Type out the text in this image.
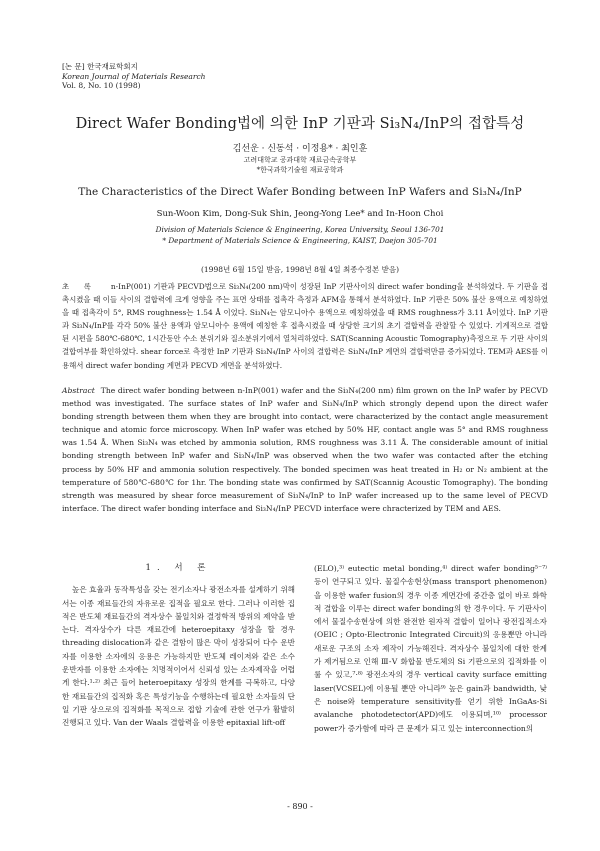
[논 문] 한국재료학회지
Korean Journal of Materials Research
Vol. 8, No. 10 (1998)
Direct Wafer Bonding법에 의한 InP 기판과 Si₃N₄/InP의 접합특성
김선운 · 신동석 · 이정용* · 최인훈
고려대학교 공과대학 재료금속공학부
*한국과학기술원 재료공학과
The Characteristics of the Direct Wafer Bonding between InP Wafers and Si₃N₄/InP
Sun-Woon Kim, Dong-Suk Shin, Jeong-Yong Lee* and In-Hoon Choi
Division of Materials Science & Engineering, Korea University, Seoul 136-701
* Department of Materials Science & Engineering, KAIST, Daejon 305-701
(1998년 6월 15일 받음, 1998년 8월 4일 최종수정본 받음)
초 록 n-InP(001) 기판과 PECVD법으로 Si₃N₄(200 nm)막이 성장된 InP 기판사이의 direct wafer bonding을 분석하였다. 두 기판을 접촉시켰을 때 이들 사이의 결합력에 크게 영향을 주는 표면 상태를 접촉각 측정과 AFM을 통해서 분석하였다. InP 기판은 50% 불산 용액으로 예칭하였을 때 접촉각이 5°, RMS roughness는 1.54 Å 이었다. Si₃N₄는 암모니아수 용액으로 예칭하였을 때 RMS roughness가 3.11 Å이었다. InP 기판과 Si₃N₄/InP를 각각 50% 불산 용액과 암모니아수 용액에 예칭한 후 접촉시켰을 때 상당한 크기의 초기 결합력을 관찰할 수 있었다. 기계적으로 결합된 시편을 580℃-680℃, 1시간동안 수소 분위기와 질소분위기에서 열처리하였다. SAT(Scanning Acoustic Tomography)측정으로 두 기판 사이의 결합여부를 확인하였다. shear force로 측정한 InP 기판과 Si₃N₄/InP 사이의 결합력은 Si₃N₄/InP 계면의 결합력만큼 증가되었다. TEM과 AES를 이용해서 direct wafer bonding 계면과 PECVD 계면을 분석하였다.
Abstract The direct wafer bonding between n-InP(001) wafer and the Si₃N₄(200 nm) film grown on the InP wafer by PECVD method was investigated. The surface states of InP wafer and Si₃N₄/InP which strongly depend upon the direct wafer bonding strength between them when they are brought into contact, were characterized by the contact angle measurement technique and atomic force microscopy. When InP wafer was etched by 50% HF, contact angle was 5° and RMS roughness was 1.54 Å. When Si₃N₄ was etched by ammonia solution, RMS roughness was 3.11 Å. The considerable amount of initial bonding strength between InP wafer and Si₃N₄/InP was observed when the two wafer was contacted after the etching process by 50% HF and ammonia solution respectively. The bonded specimen was heat treated in H₂ or N₂ ambient at the temperature of 580℃-680℃ for 1hr. The bonding state was confirmed by SAT(Scannig Acoustic Tomography). The bonding strength was measured by shear force measurement of Si₃N₄/InP to InP wafer increased up to the same level of PECVD interface. The direct wafer bonding interface and Si₃N₄/InP PECVD interface were chracterized by TEM and AES.
1. 서 론

높은 효율과 동작특성을 갖는 전기소자나 광전소자를 설계하기 위해서는 이종 재료들간의 자유로운 집적을 필요로 한다. 그러나 이러한 집적은 반도체 재료들간의 격자상수 불일치와 결정학적 방위의 제약을 받는다. 격자상수가 다른 재료간에 heteroepitaxy 성장을 할 경우 threading dislocation과 같은 결함이 많은 막이 성장되어 다수 운반자를 이용한 소자에의 응용은 가능하지만 반도체 레이저와 같은 소수 운반자를 이용한 소자에는 치명적이어서 신뢰성 있는 소자제작을 어렵게 한다.¹·²⁾ 최근 들어 heteroepitaxy 성장의 한계를 극복하고, 다양한 재료들간의 집적화 혹은 특성기능을 수행하는데 필요한 소자들의 단일 기판 상으로의 집적화를 목적으로 접합 기술에 관한 연구가 활발히 진행되고 있다. Van der Waals 결합력을 이용한 epitaxial lift-off

(ELO),³⁾ eutectic metal bonding,⁴⁾ direct wafer bonding⁵⁻⁷⁾ 등이 연구되고 있다. 물질수송현상(mass transport phenomenon)을 이용한 wafer fusion의 경우 이종 계면간에 중간층 없이 바로 화학적 결합을 이루는 direct wafer bonding의 한 경우이다. 두 기판사이에서 물질수송현상에 의한 완전한 원자적 결합이 일어나 광전집적소자(OEIC ; Opto-Electronic Integrated Circuit)의 응용뿐만 아니라 새로운 구조의 소자 제작이 가능해진다. 격자상수 불일치에 대한 한계가 제거됨으로 인해 Ⅲ-Ⅴ 화합물 반도체의 Si 기판으로의 집적화를 이룰 수 있고,⁷·⁸⁾ 광전소자의 경우 vertical cavity surface emitting laser(VCSEL)에 이용될 뿐만 아니라⁹⁾ 높은 gain과 bandwidth, 낮은 noise와 temperature sensitivity를 얻기 위한 InGaAs-Si avalanche photodetector(APD)에도 이용되며,¹⁰⁾ processor power가 증가함에 따라 큰 문제가 되고 있는 interconnection의

- 890 -
